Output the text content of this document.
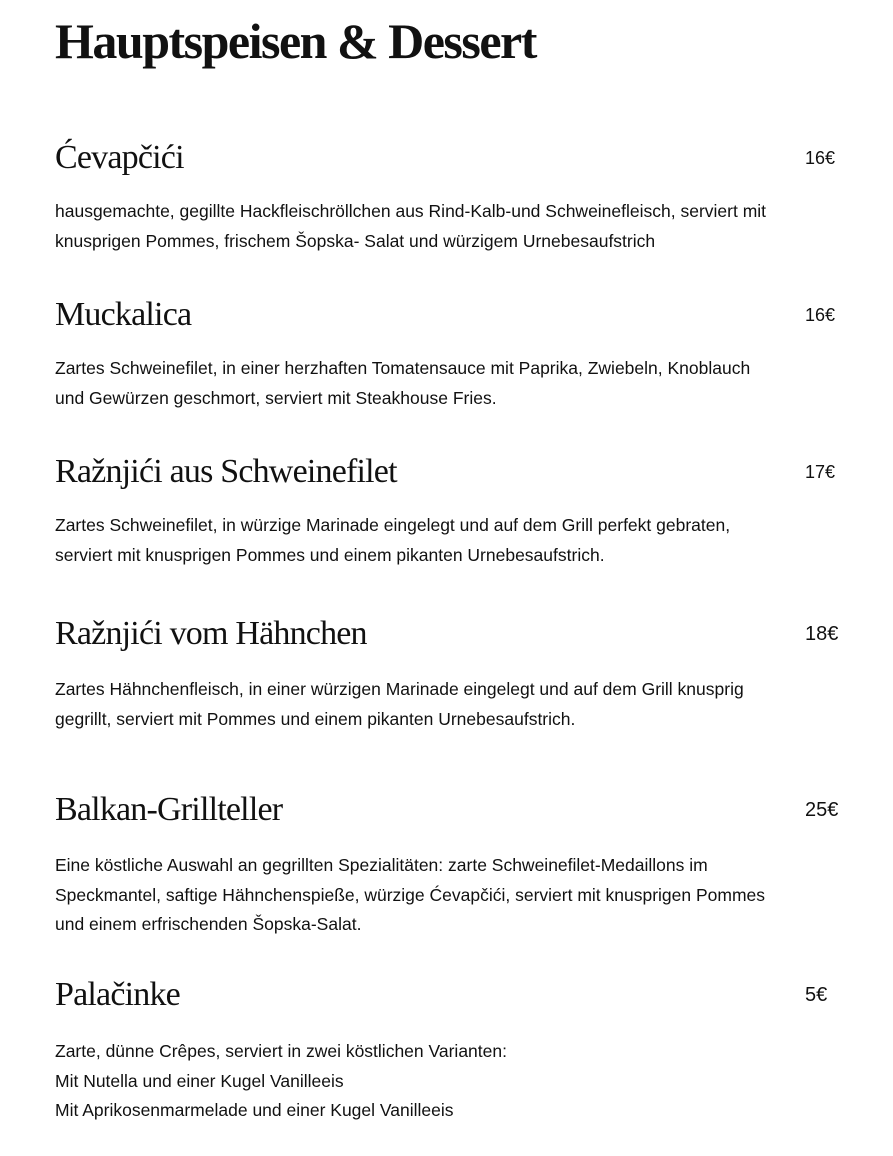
Hauptspeisen & Dessert
Ćevapčići	16€
hausgemachte, gegillte Hackfleischröllchen aus Rind-Kalb-und Schweinefleisch, serviert mit
knusprigen Pommes, frischem Šopska- Salat und würzigem Urnebesaufstrich
Muckalica	16€
Zartes Schweinefilet, in einer herzhaften Tomatensauce mit Paprika, Zwiebeln, Knoblauch
und Gewürzen geschmort, serviert mit Steakhouse Fries.
Ražnjići aus Schweinefilet	17€
Zartes Schweinefilet, in würzige Marinade eingelegt und auf dem Grill perfekt gebraten,
serviert mit knusprigen Pommes und einem pikanten Urnebesaufstrich.
Ražnjići vom Hähnchen	18€
Zartes Hähnchenfleisch, in einer würzigen Marinade eingelegt und auf dem Grill knusprig
gegrillt, serviert mit Pommes und einem pikanten Urnebesaufstrich.
Balkan-Grillteller	25€
Eine köstliche Auswahl an gegrillten Spezialitäten: zarte Schweinefilet-Medaillons im
Speckmantel, saftige Hähnchenspieße, würzige Ćevapčići, serviert mit knusprigen Pommes
und einem erfrischenden Šopska-Salat.
Palačinke	5€
Zarte, dünne Crêpes, serviert in zwei köstlichen Varianten:
Mit Nutella und einer Kugel Vanilleeis
Mit Aprikosenmarmelade und einer Kugel Vanilleeis
